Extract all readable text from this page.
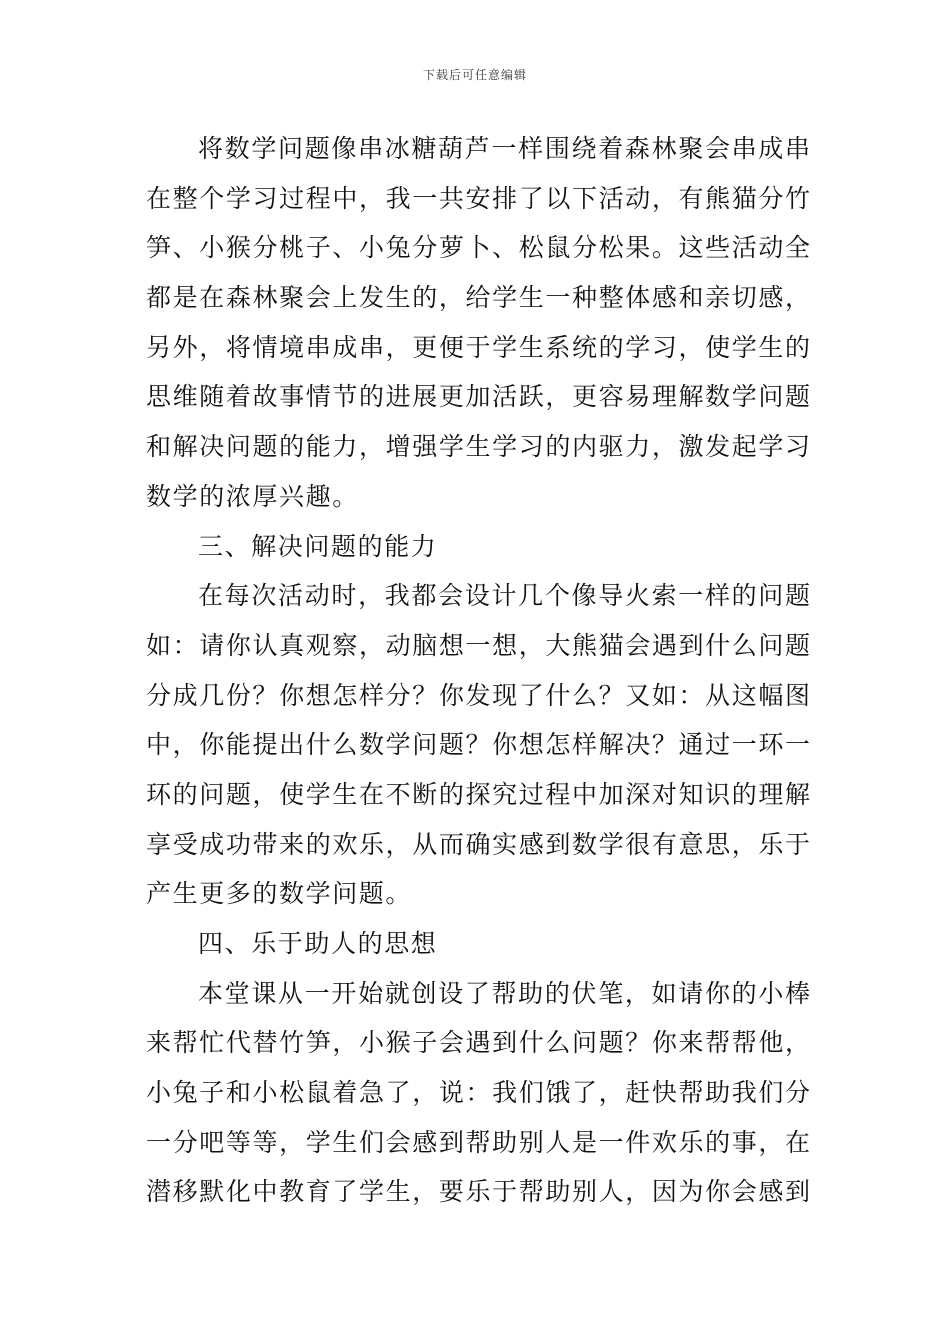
下载后可任意编辑
将数学问题像串冰糖葫芦一样围绕着森林聚会串成串
在整个学习过程中，我一共安排了以下活动，有熊猫分竹
笋、小猴分桃子、小兔分萝卜、松鼠分松果。这些活动全
都是在森林聚会上发生的，给学生一种整体感和亲切感，
另外，将情境串成串，更便于学生系统的学习，使学生的
思维随着故事情节的进展更加活跃，更容易理解数学问题
和解决问题的能力，增强学生学习的内驱力，激发起学习
数学的浓厚兴趣。
三、解决问题的能力
在每次活动时，我都会设计几个像导火索一样的问题
如：请你认真观察，动脑想一想，大熊猫会遇到什么问题
分成几份？你想怎样分？你发现了什么？又如：从这幅图
中，你能提出什么数学问题？你想怎样解决？通过一环一
环的问题，使学生在不断的探究过程中加深对知识的理解
享受成功带来的欢乐，从而确实感到数学很有意思，乐于
产生更多的数学问题。
四、乐于助人的思想
本堂课从一开始就创设了帮助的伏笔，如请你的小棒
来帮忙代替竹笋，小猴子会遇到什么问题？你来帮帮他，
小兔子和小松鼠着急了，说：我们饿了，赶快帮助我们分
一分吧等等，学生们会感到帮助别人是一件欢乐的事，在
潜移默化中教育了学生，要乐于帮助别人，因为你会感到
